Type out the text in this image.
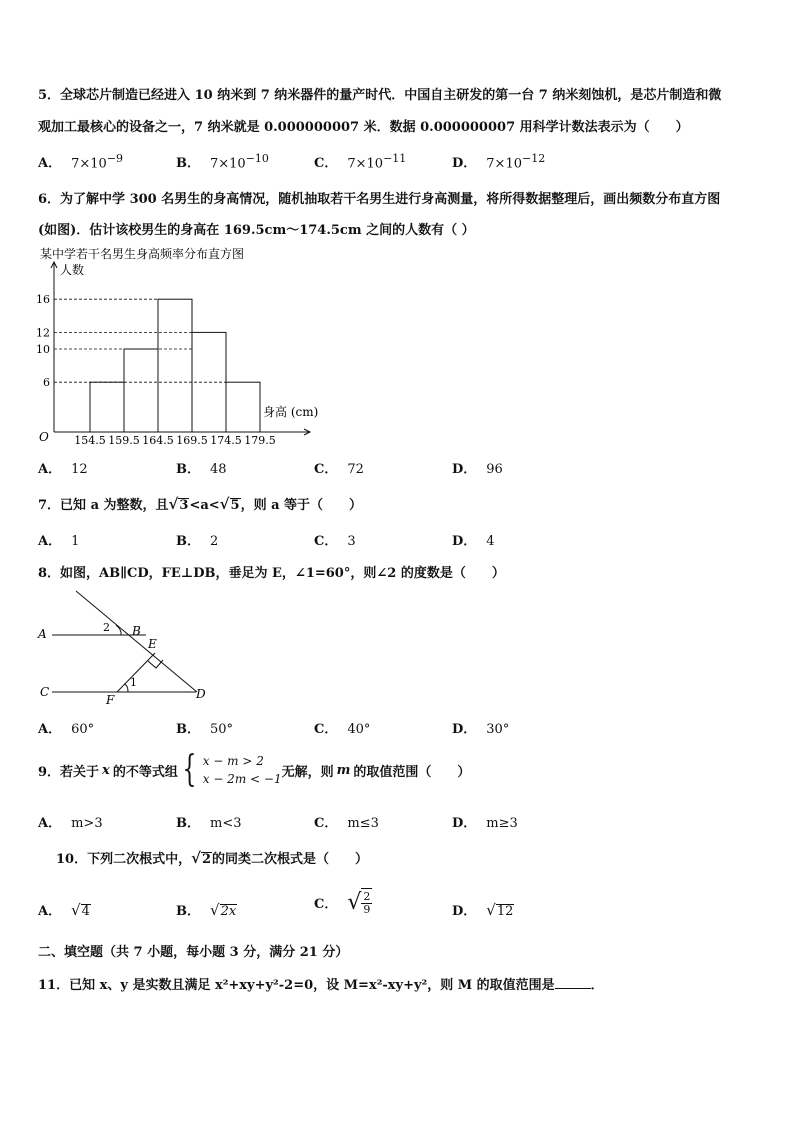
5．全球芯片制造已经进入 10 纳米到 7 纳米器件的量产时代．中国自主研发的第一台 7 纳米刻蚀机，是芯片制造和微
观加工最核心的设备之一，7 纳米就是 0.000000007 米．数据 0.000000007 用科学计数法表示为（　　）
A． $7\times 10^{-9}$	B． $7\times 10^{-10}$	C． $7\times 10^{-11}$	D． $7\times 10^{-12}$
6．为了解中学 300 名男生的身高情况，随机抽取若干名男生进行身高测量，将所得数据整理后，画出频数分布直方图
(如图)．估计该校男生的身高在 169.5cm～174.5cm 之间的人数有（ ）
某中学若干名男生身高频率分布直方图
人数
身高 (cm)
O
6
10
12
16
154.5 159.5 164.5 169.5 174.5 179.5
A． 12	B． 48	C． 72	D． 96
7．已知 a 为整数，且√3<a<√5，则 a 等于（　　）
A． 1	B． 2	C． 3	D． 4
8．如图，AB∥CD，FE⊥DB，垂足为 E，∠1=60°，则∠2 的度数是（　　）
A	B
E
C	D
F
1
2
A． 60°	B． 50°	C． 40°	D． 30°
9．若关于 x 的不等式组 { x − m > 2
x − 2m < −1 无解，则 m 的取值范围（　　）
A． m>3	B． m<3	C． m≤3	D． m≥3
10．下列二次根式中，√2的同类二次根式是（　　）
A． √4	B． √2x	C． √ $\frac{2}{9}$	D． √12
二、填空题（共 7 小题，每小题 3 分，满分 21 分）
11．已知 x、y 是实数且满足 x²+xy+y²-2=0，设 M=x²-xy+y²，则 M 的取值范围是	．
